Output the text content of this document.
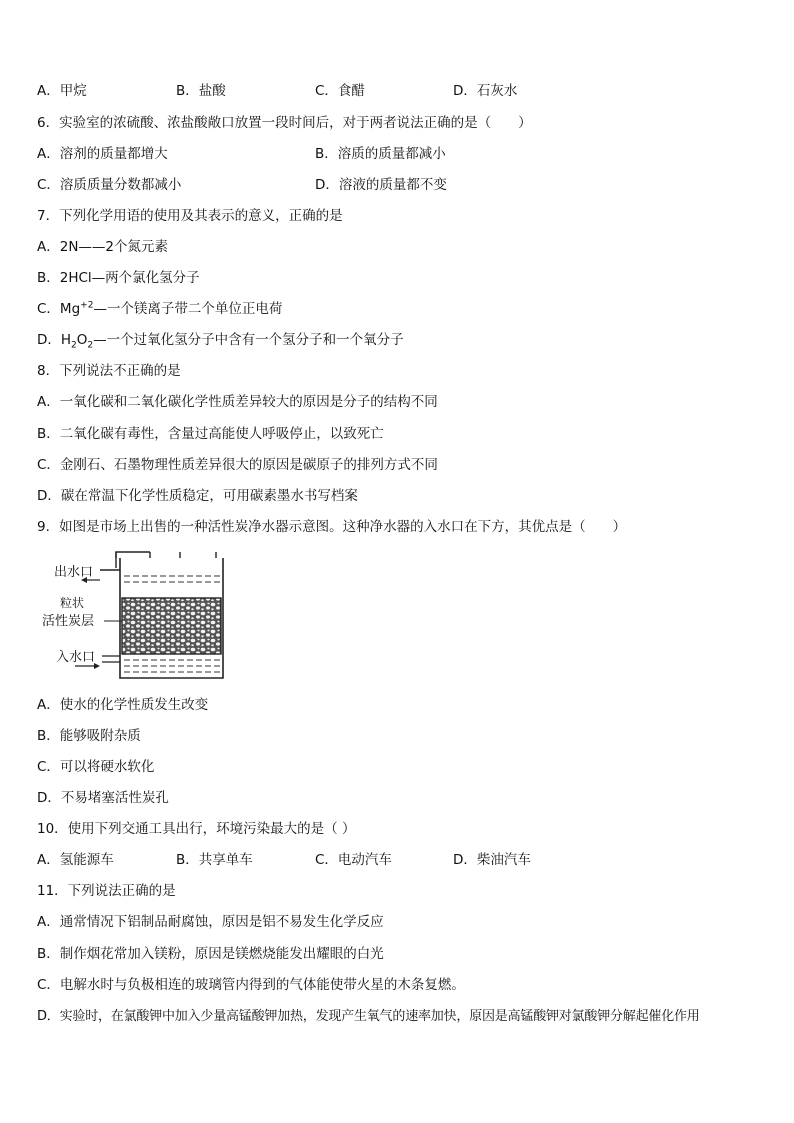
A．甲烷	B．盐酸	C．食醋	D．石灰水
6．实验室的浓硫酸、浓盐酸敞口放置一段时间后，对于两者说法正确的是（　　）
A．溶剂的质量都增大	B．溶质的质量都减小
C．溶质质量分数都减小	D．溶液的质量都不变
7．下列化学用语的使用及其表示的意义，正确的是
A．2N——2个氮元素
B．2HCl—两个氯化氢分子
C．$Mg^{+2}—$一个镁离子带二个单位正电荷
D．$H_2O_2—$一个过氧化氢分子中含有一个氢分子和一个氧分子
8．下列说法不正确的是
A．一氧化碳和二氧化碳化学性质差异较大的原因是分子的结构不同
B．二氧化碳有毒性，含量过高能使人呼吸停止，以致死亡
C．金刚石、石墨物理性质差异很大的原因是碳原子的排列方式不同
D．碳在常温下化学性质稳定，可用碳素墨水书写档案
9．如图是市场上出售的一种活性炭净水器示意图。这种净水器的入水口在下方，其优点是（　　）
出水口
粒状
活性炭层
入水口
A．使水的化学性质发生改变
B．能够吸附杂质
C．可以将硬水软化
D．不易堵塞活性炭孔
10．使用下列交通工具出行，环境污染最大的是（ ）
A．氢能源车	B．共享单车	C．电动汽车	D．柴油汽车
11．下列说法正确的是
A．通常情况下铝制品耐腐蚀，原因是铝不易发生化学反应
B．制作烟花常加入镁粉，原因是镁燃烧能发出耀眼的白光
C．电解水时与负极相连的玻璃管内得到的气体能使带火星的木条复燃。
D．实验时，在氯酸钾中加入少量高锰酸钾加热，发现产生氧气的速率加快，原因是高锰酸钾对氯酸钾分解起催化作用
